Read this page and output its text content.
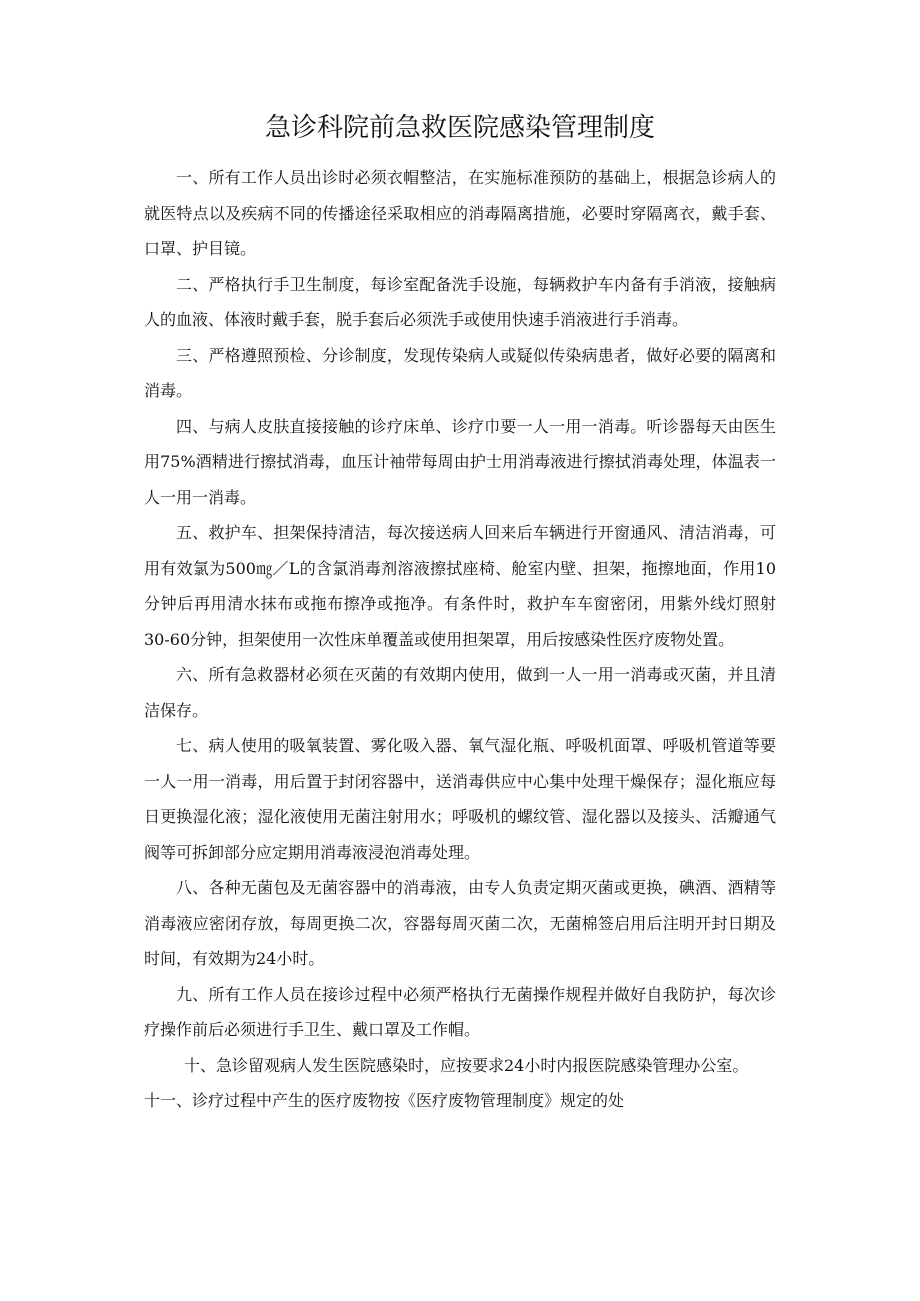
急诊科院前急救医院感染管理制度

一、所有工作人员出诊时必须衣帽整洁，在实施标准预防的基础上，根据急诊病人的就医特点以及疾病不同的传播途径采取相应的消毒隔离措施，必要时穿隔离衣，戴手套、口罩、护目镜。

二、严格执行手卫生制度，每诊室配备洗手设施，每辆救护车内备有手消液，接触病人的血液、体液时戴手套，脱手套后必须洗手或使用快速手消液进行手消毒。

三、严格遵照预检、分诊制度，发现传染病人或疑似传染病患者，做好必要的隔离和消毒。

四、与病人皮肤直接接触的诊疗床单、诊疗巾要一人一用一消毒。听诊器每天由医生用75%酒精进行擦拭消毒，血压计袖带每周由护士用消毒液进行擦拭消毒处理，体温表一人一用一消毒。

五、救护车、担架保持清洁，每次接送病人回来后车辆进行开窗通风、清洁消毒，可用有效氯为500㎎／L的含氯消毒剂溶液擦拭座椅、舱室内壁、担架，拖擦地面，作用10分钟后再用清水抹布或拖布擦净或拖净。有条件时，救护车车窗密闭，用紫外线灯照射30-60分钟，担架使用一次性床单覆盖或使用担架罩，用后按感染性医疗废物处置。

六、所有急救器材必须在灭菌的有效期内使用，做到一人一用一消毒或灭菌，并且清洁保存。

七、病人使用的吸氧装置、雾化吸入器、氧气湿化瓶、呼吸机面罩、呼吸机管道等要一人一用一消毒，用后置于封闭容器中，送消毒供应中心集中处理干燥保存；湿化瓶应每日更换湿化液；湿化液使用无菌注射用水；呼吸机的螺纹管、湿化器以及接头、活瓣通气阀等可拆卸部分应定期用消毒液浸泡消毒处理。

八、各种无菌包及无菌容器中的消毒液，由专人负责定期灭菌或更换，碘酒、酒精等消毒液应密闭存放，每周更换二次，容器每周灭菌二次，无菌棉签启用后注明开封日期及时间，有效期为24小时。

九、所有工作人员在接诊过程中必须严格执行无菌操作规程并做好自我防护，每次诊疗操作前后必须进行手卫生、戴口罩及工作帽。

十、急诊留观病人发生医院感染时，应按要求24小时内报医院感染管理办公室。

十一、诊疗过程中产生的医疗废物按《医疗废物管理制度》规定的处
